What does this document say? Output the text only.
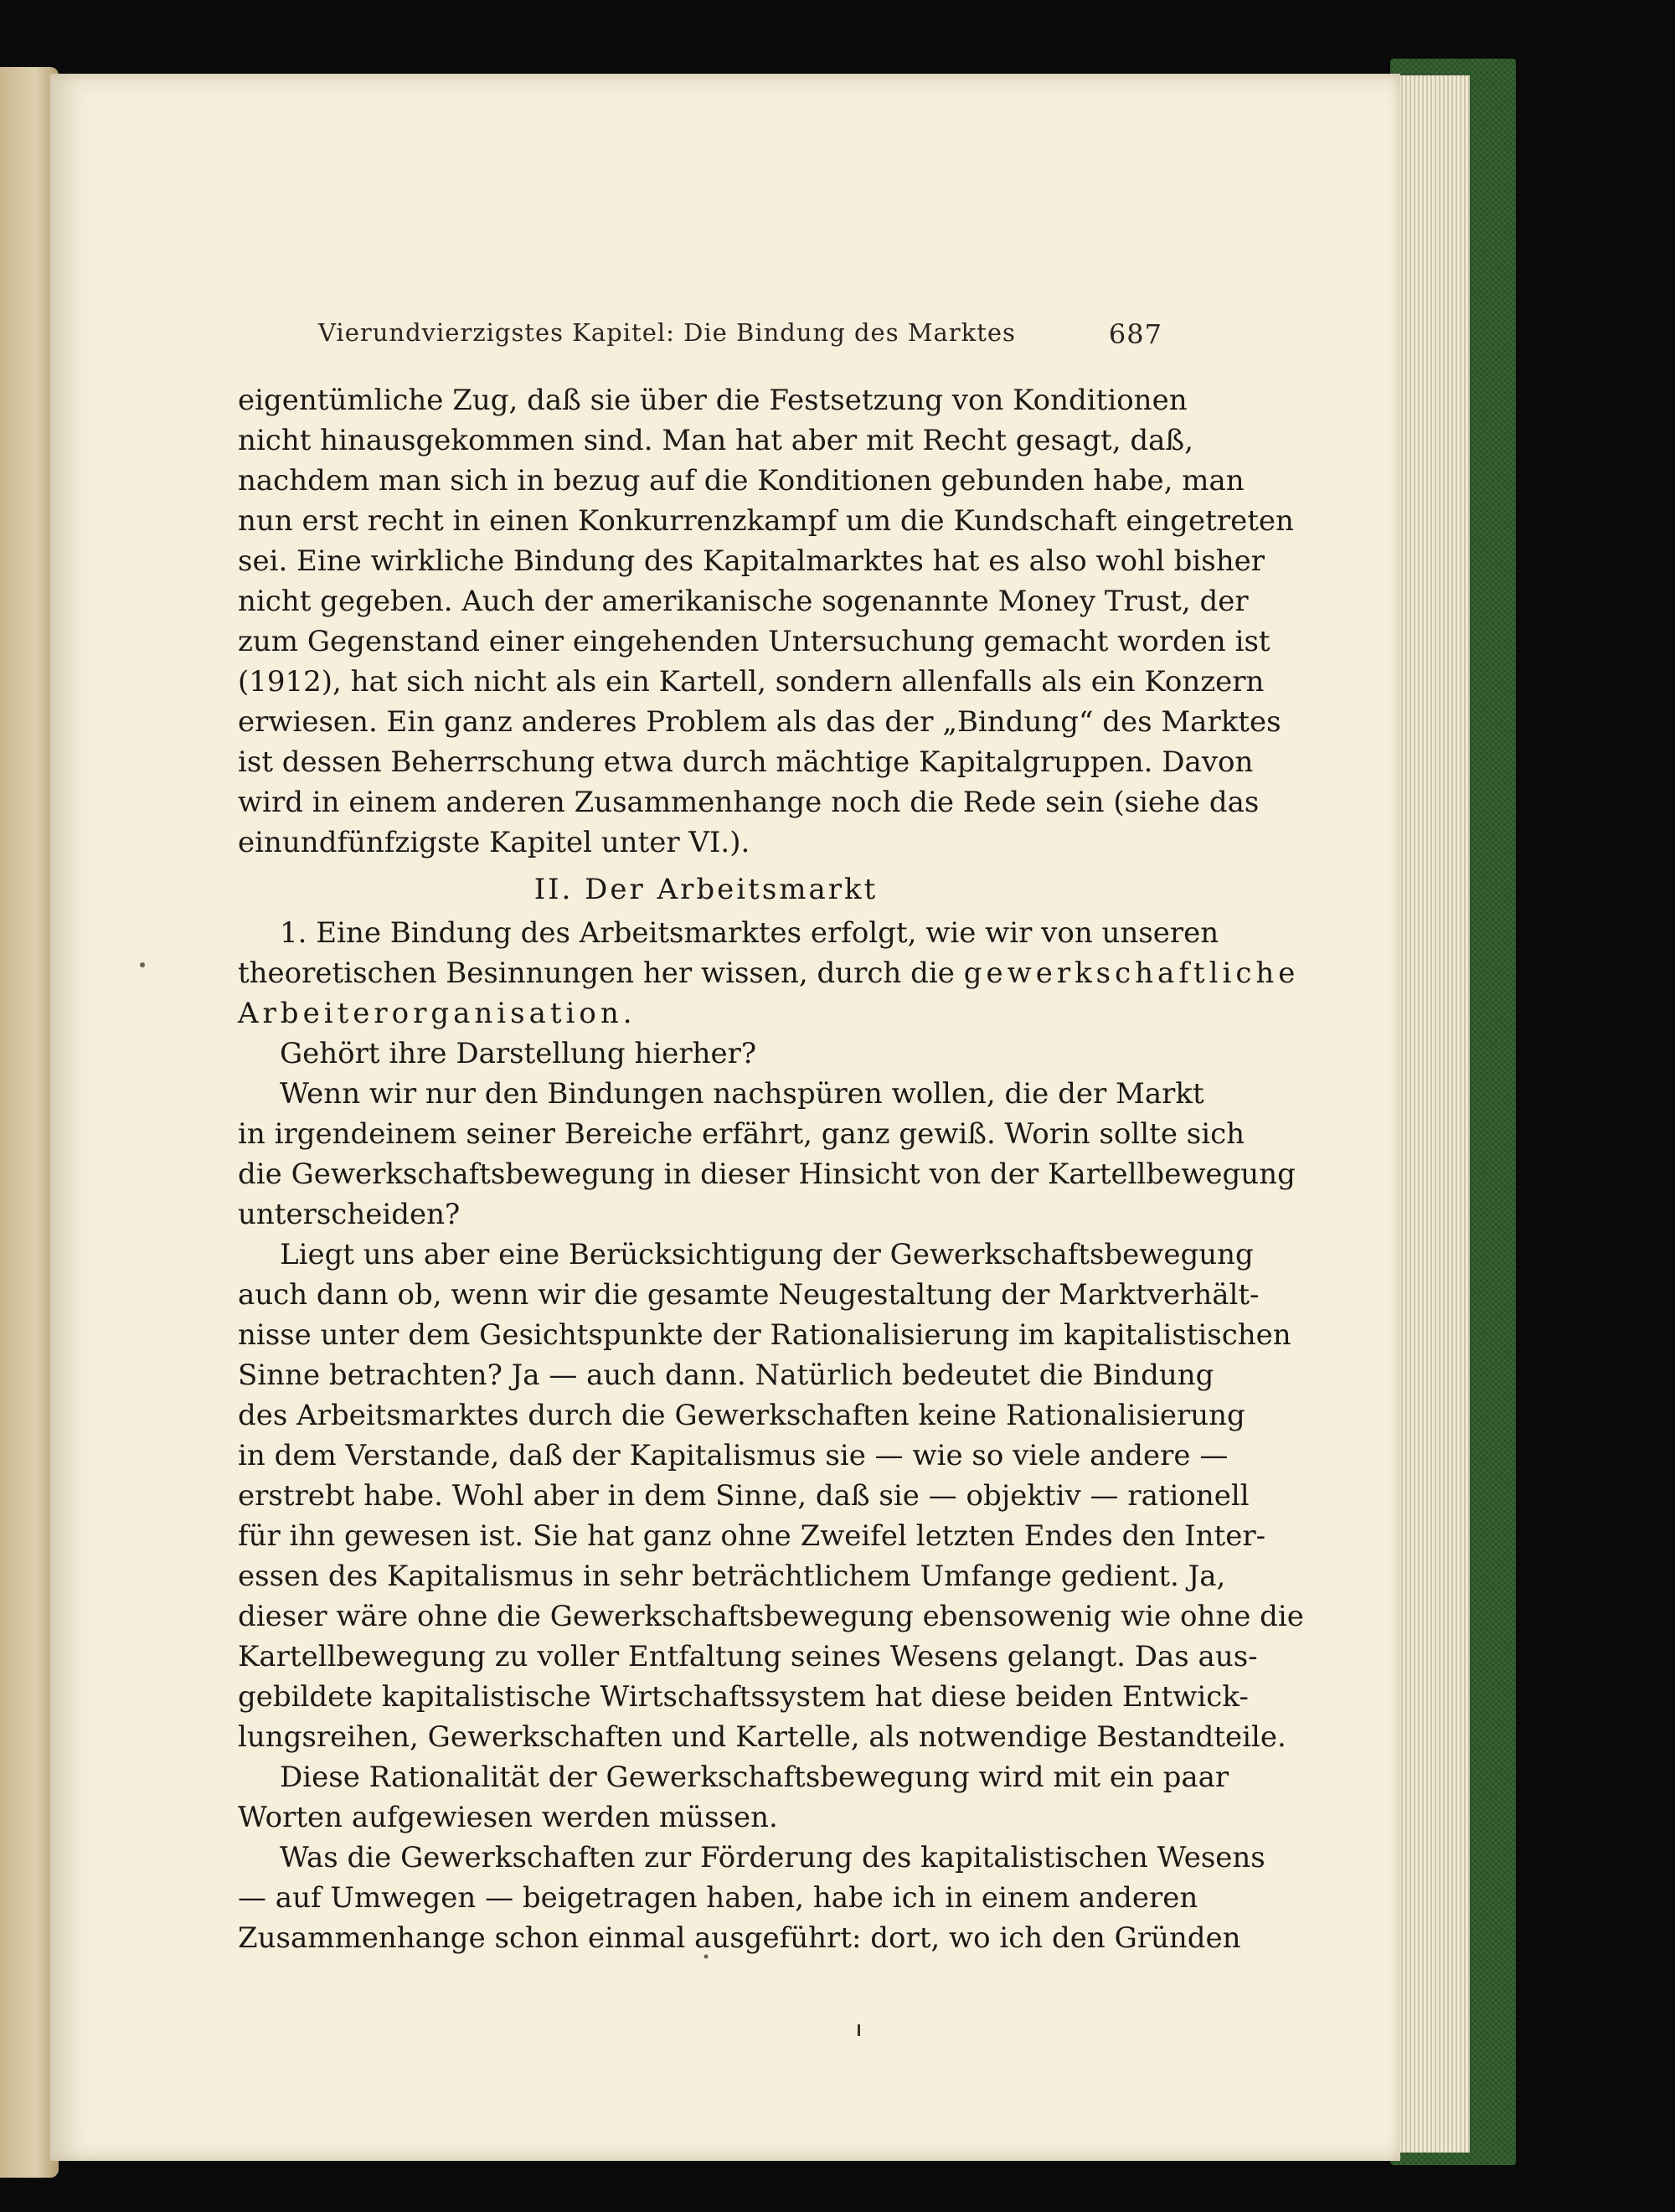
Vierundvierzigstes Kapitel: Die Bindung des Marktes	687
eigentümliche Zug, daß sie über die Festsetzung von Konditionen
nicht hinausgekommen sind. Man hat aber mit Recht gesagt, daß,
nachdem man sich in bezug auf die Konditionen gebunden habe, man
nun erst recht in einen Konkurrenzkampf um die Kundschaft eingetreten
sei. Eine wirkliche Bindung des Kapitalmarktes hat es also wohl bisher
nicht gegeben. Auch der amerikanische sogenannte Money Trust, der
zum Gegenstand einer eingehenden Untersuchung gemacht worden ist
(1912), hat sich nicht als ein Kartell, sondern allenfalls als ein Konzern
erwiesen. Ein ganz anderes Problem als das der „Bindung“ des Marktes
ist dessen Beherrschung etwa durch mächtige Kapitalgruppen. Davon
wird in einem anderen Zusammenhange noch die Rede sein (siehe das
einundfünfzigste Kapitel unter VI.).
II. Der Arbeitsmarkt
1. Eine Bindung des Arbeitsmarktes erfolgt, wie wir von unseren
theoretischen Besinnungen her wissen, durch die gewerkschaftliche
Arbeiterorganisation.
Gehört ihre Darstellung hierher?
Wenn wir nur den Bindungen nachspüren wollen, die der Markt
in irgendeinem seiner Bereiche erfährt, ganz gewiß. Worin sollte sich
die Gewerkschaftsbewegung in dieser Hinsicht von der Kartellbewegung
unterscheiden?
Liegt uns aber eine Berücksichtigung der Gewerkschaftsbewegung
auch dann ob, wenn wir die gesamte Neugestaltung der Marktverhält-
nisse unter dem Gesichtspunkte der Rationalisierung im kapitalistischen
Sinne betrachten? Ja — auch dann. Natürlich bedeutet die Bindung
des Arbeitsmarktes durch die Gewerkschaften keine Rationalisierung
in dem Verstande, daß der Kapitalismus sie — wie so viele andere —
erstrebt habe. Wohl aber in dem Sinne, daß sie — objektiv — rationell
für ihn gewesen ist. Sie hat ganz ohne Zweifel letzten Endes den Inter-
essen des Kapitalismus in sehr beträchtlichem Umfange gedient. Ja,
dieser wäre ohne die Gewerkschaftsbewegung ebensowenig wie ohne die
Kartellbewegung zu voller Entfaltung seines Wesens gelangt. Das aus-
gebildete kapitalistische Wirtschaftssystem hat diese beiden Entwick-
lungsreihen, Gewerkschaften und Kartelle, als notwendige Bestandteile.
Diese Rationalität der Gewerkschaftsbewegung wird mit ein paar
Worten aufgewiesen werden müssen.
Was die Gewerkschaften zur Förderung des kapitalistischen Wesens
— auf Umwegen — beigetragen haben, habe ich in einem anderen
Zusammenhange schon einmal ausgeführt: dort, wo ich den Gründen
